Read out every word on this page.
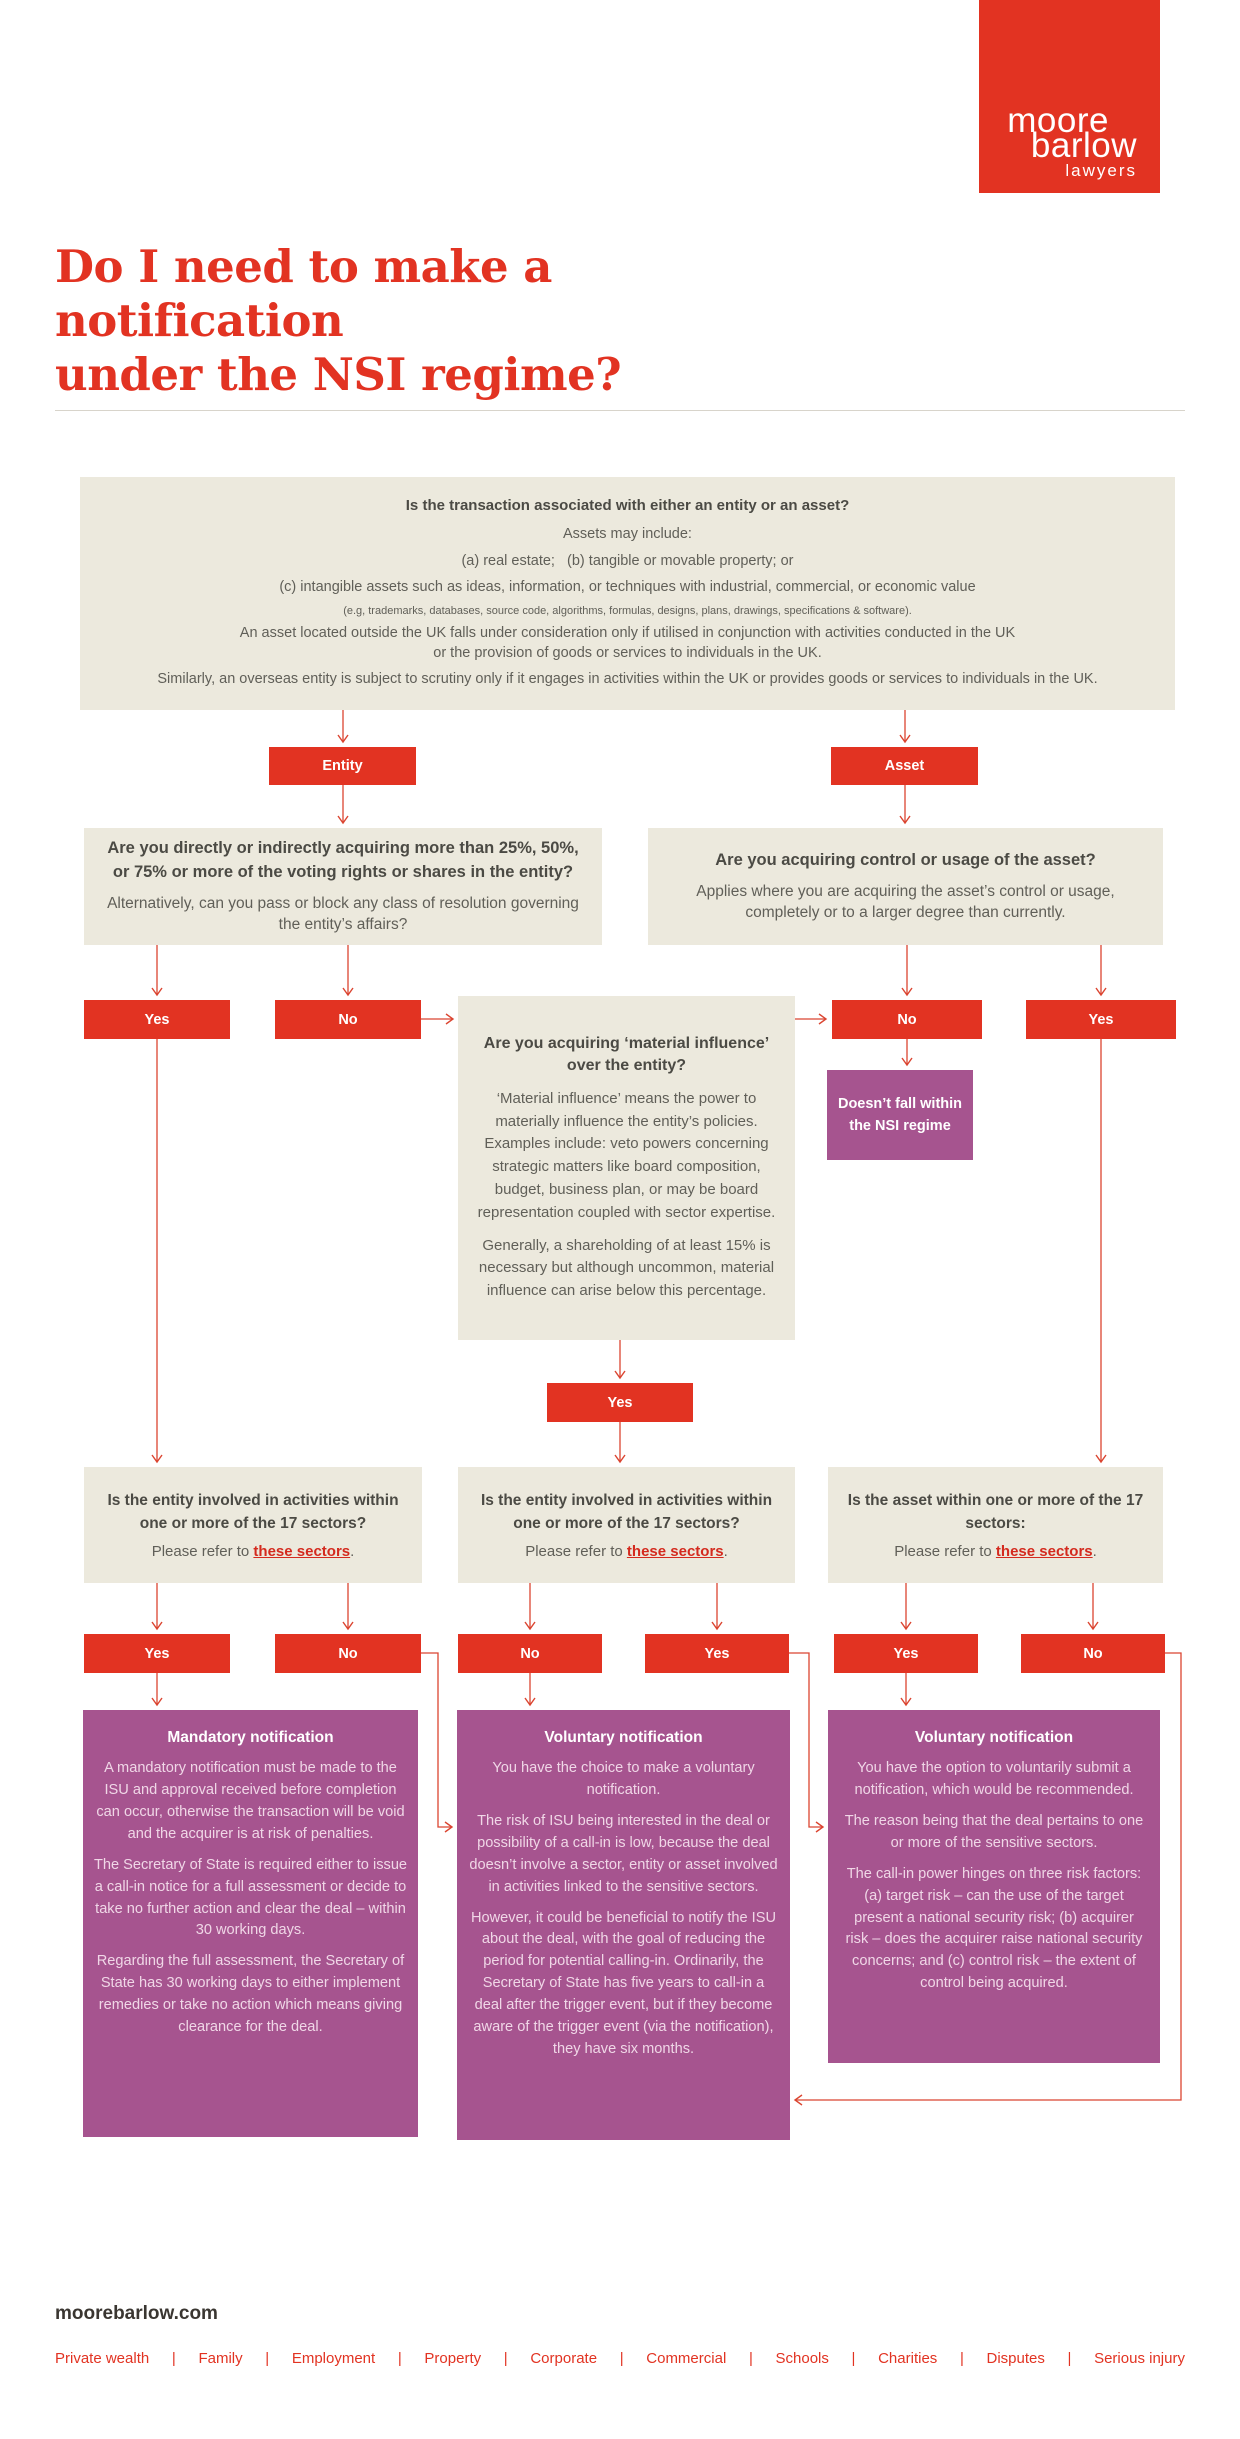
moore
barlow
lawyers
Do I need to make a notification
under the NSI regime?
Is the transaction associated with either an entity or an asset?
Assets may include:
(a) real estate;   (b) tangible or movable property; or
(c) intangible assets such as ideas, information, or techniques with industrial, commercial, or economic value
(e.g, trademarks, databases, source code, algorithms, formulas, designs, plans, drawings, specifications & software).
An asset located outside the UK falls under consideration only if utilised in conjunction with activities conducted in the UK or the provision of goods or services to individuals in the UK.
Similarly, an overseas entity is subject to scrutiny only if it engages in activities within the UK or provides goods or services to individuals in the UK.
Entity	Asset
Are you directly or indirectly acquiring more than 25%, 50%, or 75% or more of the voting rights or shares in the entity?
Alternatively, can you pass or block any class of resolution governing the entity’s affairs?
Are you acquiring control or usage of the asset?
Applies where you are acquiring the asset’s control or usage, completely or to a larger degree than currently.
Yes	No	No	Yes
Are you acquiring ‘material influence’ over the entity?

‘Material influence’ means the power to materially influence the entity’s policies. Examples include: veto powers concerning strategic matters like board composition, budget, business plan, or may be board representation coupled with sector expertise.

Generally, a shareholding of at least 15% is necessary but although uncommon, material influence can arise below this percentage.

Doesn’t fall within the NSI regime
Yes
Is the entity involved in activities within one or more of the 17 sectors?
Please refer to these sectors.
Is the entity involved in activities within one or more of the 17 sectors?
Please refer to these sectors.
Is the asset within one or more of the 17 sectors:
Please refer to these sectors.
Yes	No	No	Yes	Yes	No
Mandatory notification

A mandatory notification must be made to the ISU and approval received before completion can occur, otherwise the transaction will be void and the acquirer is at risk of penalties.

The Secretary of State is required either to issue a call-in notice for a full assessment or decide to take no further action and clear the deal – within 30 working days.

Regarding the full assessment, the Secretary of State has 30 working days to either implement remedies or take no action which means giving clearance for the deal.

Voluntary notification

You have the choice to make a voluntary notification.

The risk of ISU being interested in the deal or possibility of a call-in is low, because the deal doesn’t involve a sector, entity or asset involved in activities linked to the sensitive sectors.

However, it could be beneficial to notify the ISU about the deal, with the goal of reducing the period for potential calling-in. Ordinarily, the Secretary of State has five years to call-in a deal after the trigger event, but if they become aware of the trigger event (via the notification), they have six months.

Voluntary notification

You have the option to voluntarily submit a notification, which would be recommended.

The reason being that the deal pertains to one or more of the sensitive sectors.

The call-in power hinges on three risk factors: (a) target risk – can the use of the target present a national security risk; (b) acquirer risk – does the acquirer raise national security concerns; and (c) control risk – the extent of control being acquired.

moorebarlow.com
Private wealth | Family | Employment | Property | Corporate | Commercial | Schools | Charities | Disputes | Serious injury
